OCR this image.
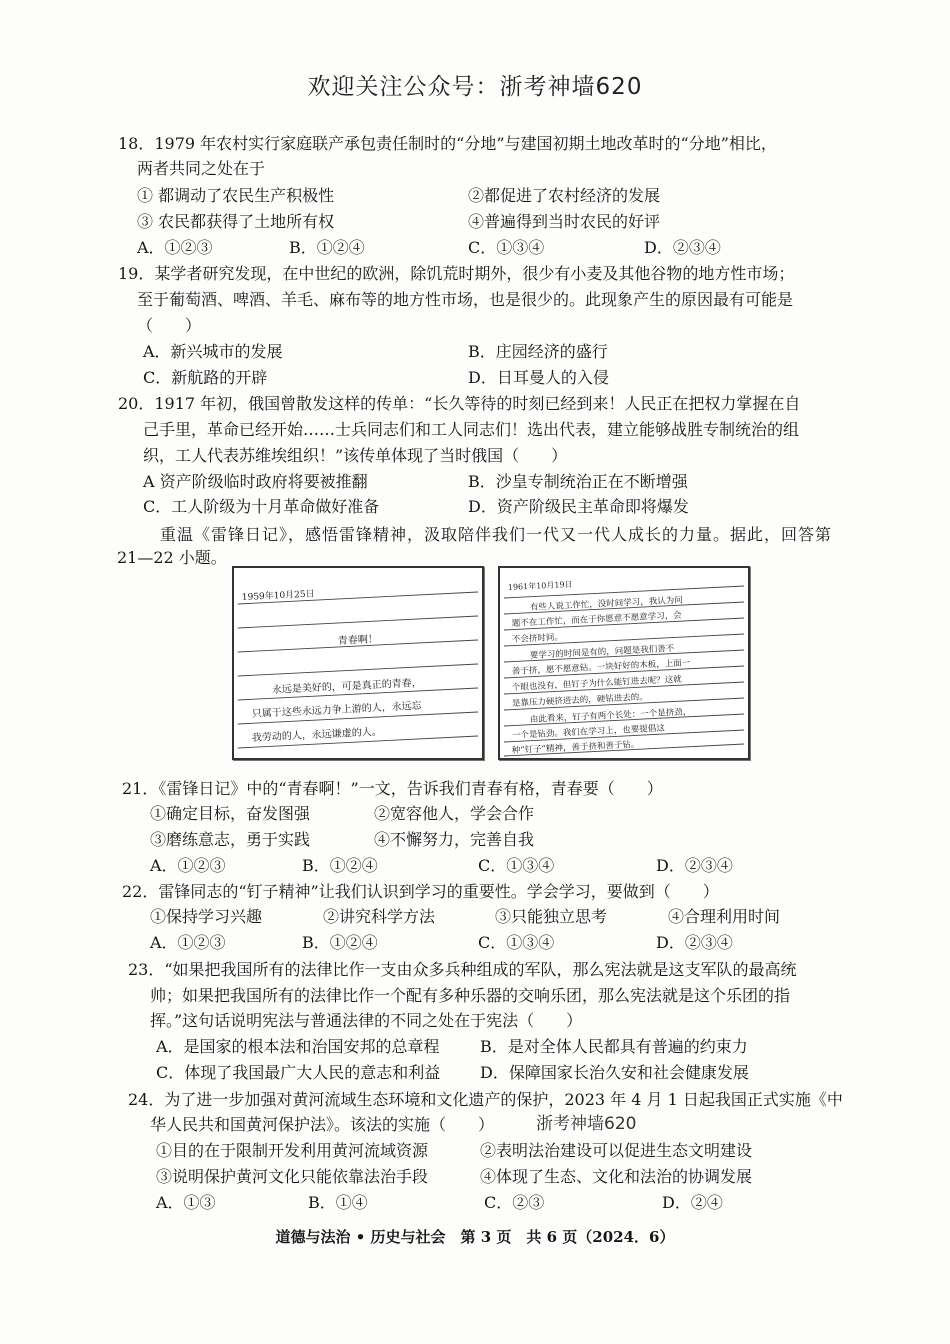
欢迎关注公众号：浙考神墙620
18．1979 年农村实行家庭联产承包责任制时的“分地”与建国初期土地改革时的“分地”相比，
两者共同之处在于
① 都调动了农民生产积极性	②都促进了农村经济的发展
③ 农民都获得了土地所有权	④普遍得到当时农民的好评
A．①②③	B．①②④	C．①③④	D．②③④
19．某学者研究发现，在中世纪的欧洲，除饥荒时期外，很少有小麦及其他谷物的地方性市场；
至于葡萄酒、啤酒、羊毛、麻布等的地方性市场，也是很少的。此现象产生的原因最有可能是
（　　）
A．新兴城市的发展	B．庄园经济的盛行
C．新航路的开辟	D．日耳曼人的入侵
20．1917 年初，俄国曾散发这样的传单：“长久等待的时刻已经到来！人民正在把权力掌握在自
己手里，革命已经开始……士兵同志们和工人同志们！选出代表，建立能够战胜专制统治的组
织，工人代表苏维埃组织！”该传单体现了当时俄国（　　）
A 资产阶级临时政府将要被推翻	B．沙皇专制统治正在不断增强
C．工人阶级为十月革命做好准备	D．资产阶级民主革命即将爆发
重温《雷锋日记》，感悟雷锋精神，汲取陪伴我们一代又一代人成长的力量。据此，回答第
21—22 小题。
1959年10月25日
青春啊！
永远是美好的，可是真正的青春，
只属于这些永远力争上游的人，永远忘
我劳动的人，永远谦虚的人。
1961年10月19日
有些人说工作忙，没时间学习，我认为问
题不在工作忙，而在于你愿意不愿意学习，会
不会挤时间。
要学习的时间是有的，问题是我们善不
善于挤，愿不愿意钻。一块好好的木板，上面一
个眼也没有，但钉子为什么能钉进去呢？这就
是靠压力硬挤进去的，硬钻进去的。
由此看来，钉子有两个长处：一个是挤劲，
一个是钻劲。我们在学习上，也要提倡这
种“钉子”精神，善于挤和善于钻。
21．《雷锋日记》中的“青春啊！”一文，告诉我们青春有格，青春要（　　）
①确定目标，奋发图强	②宽容他人，学会合作
③磨练意志，勇于实践	④不懈努力，完善自我
A．①②③	B．①②④	C．①③④	D．②③④
22．雷锋同志的“钉子精神”让我们认识到学习的重要性。学会学习，要做到（　　）
①保持学习兴趣	②讲究科学方法	③只能独立思考	④合理利用时间
A．①②③	B．①②④	C．①③④	D．②③④
23．“如果把我国所有的法律比作一支由众多兵种组成的军队，那么宪法就是这支军队的最高统
帅；如果把我国所有的法律比作一个配有多种乐器的交响乐团，那么宪法就是这个乐团的指
挥。”这句话说明宪法与普通法律的不同之处在于宪法（　　）
A．是国家的根本法和治国安邦的总章程	B．是对全体人民都具有普遍的约束力
C．体现了我国最广大人民的意志和利益 D．保障国家长治久安和社会健康发展
24．为了进一步加强对黄河流域生态环境和文化遗产的保护，2023 年 4 月 1 日起我国正式实施《中
华人民共和国黄河保护法》。该法的实施（　　） 浙考神墙620
①目的在于限制开发利用黄河流域资源	②表明法治建设可以促进生态文明建设
③说明保护黄河文化只能依靠法治手段	④体现了生态、文化和法治的协调发展
A．①③	B．①④	C．②③	D．②④
道德与法治 • 历史与社会　第 3 页　共 6 页（2024．6）
